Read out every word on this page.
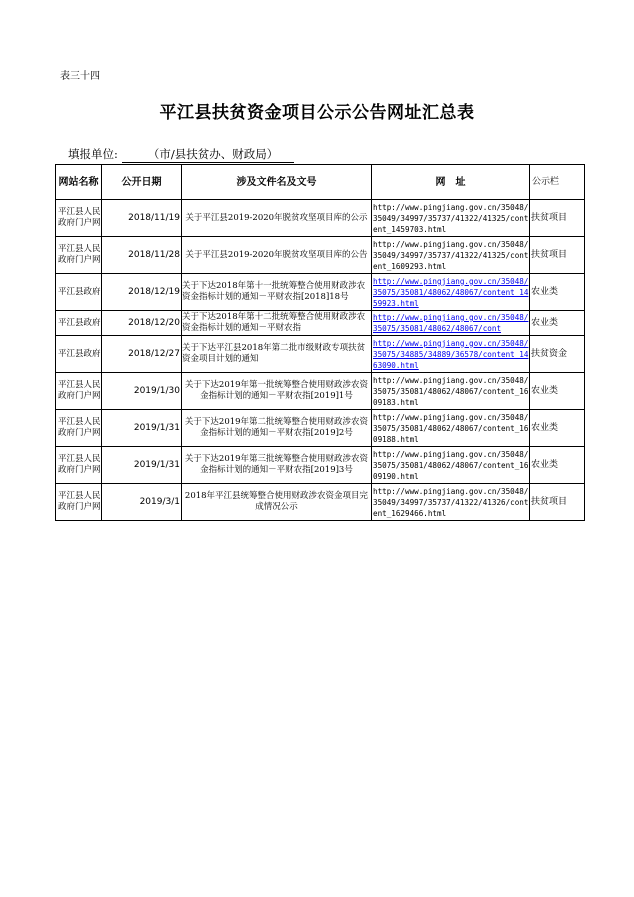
表三十四
平江县扶贫资金项目公示公告网址汇总表
填报单位:	（市/县扶贫办、财政局）
网站名称	公开日期	涉及文件名及文号	网　址	公示栏
平江县人民政府门户网	2018/11/19	关于平江县2019-2020年脱贫攻坚项目库的公示	http://www.pingjiang.gov.cn/35048/35049/34997/35737/41322/41325/content_1459703.html	扶贫项目
平江县人民政府门户网	2018/11/28	关于平江县2019-2020年脱贫攻坚项目库的公告	http://www.pingjiang.gov.cn/35048/35049/34997/35737/41322/41325/content_1609293.html	扶贫项目
平江县政府	2018/12/19	关于下达2018年第十一批统筹整合使用财政涉农资金指标计划的通知－平财农指[2018]18号	http://www.pingjiang.gov.cn/35048/35075/35081/48062/48067/content_1459923.html	农业类
平江县政府	2018/12/20	关于下达2018年第十二批统筹整合使用财政涉农资金指标计划的通知－平财农指	http://www.pingjiang.gov.cn/35048/35075/35081/48062/48067/cont	农业类
平江县政府	2018/12/27	关于下达平江县2018年第二批市级财政专项扶贫资金项目计划的通知	http://www.pingjiang.gov.cn/35048/35075/34885/34889/36578/content_1463090.html	扶贫资金
平江县人民政府门户网	2019/1/30	关于下达2019年第一批统筹整合使用财政涉农资金指标计划的通知－平财农指[2019]1号	http://www.pingjiang.gov.cn/35048/35075/35081/48062/48067/content_1609183.html	农业类
平江县人民政府门户网	2019/1/31	关于下达2019年第二批统筹整合使用财政涉农资金指标计划的通知－平财农指[2019]2号	http://www.pingjiang.gov.cn/35048/35075/35081/48062/48067/content_1609188.html	农业类
平江县人民政府门户网	2019/1/31	关于下达2019年第三批统筹整合使用财政涉农资金指标计划的通知－平财农指[2019]3号	http://www.pingjiang.gov.cn/35048/35075/35081/48062/48067/content_1609190.html	农业类
平江县人民政府门户网	2019/3/1	2018年平江县统筹整合使用财政涉农资金项目完成情况公示	http://www.pingjiang.gov.cn/35048/35049/34997/35737/41322/41326/content_1629466.html	扶贫项目
